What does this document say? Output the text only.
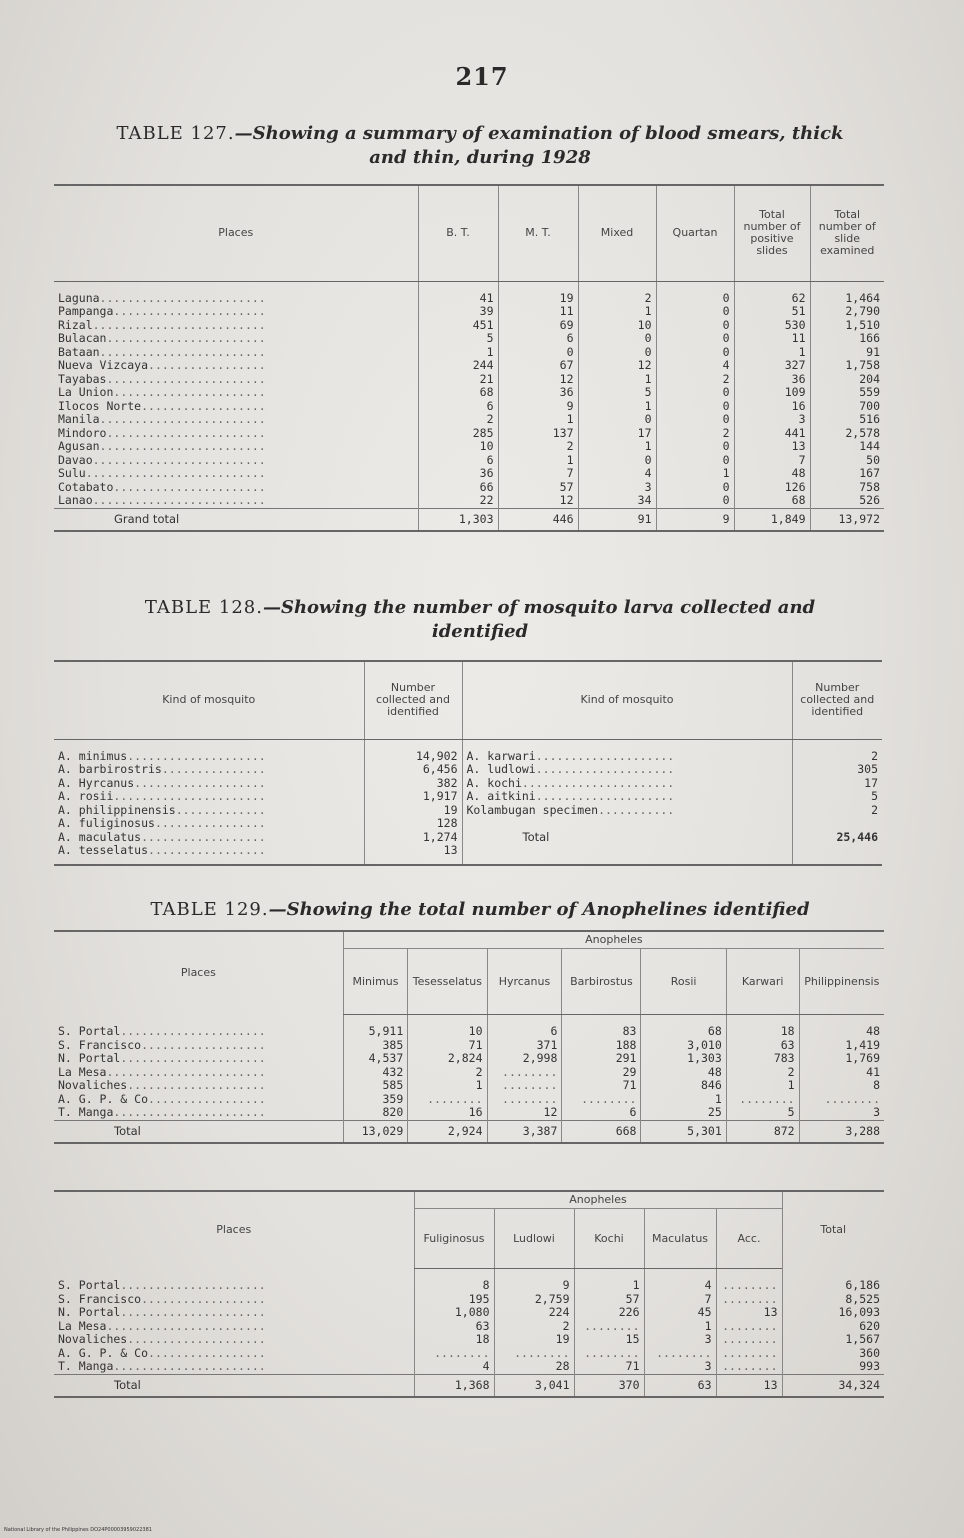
217
TABLE 127.—Showing a summary of examination of blood smears, thick
and thin, during 1928
Places	B. T.	M. T.	Mixed	Quartan	Total number of positive slides	Total number of slide examined

Laguna........................	41	19	2	0	62	1,464
Pampanga......................	39	11	1	0	51	2,790
Rizal.........................	451	69	10	0	530	1,510
Bulacan.......................	5	6	0	0	11	166
Bataan........................	1	0	0	0	1	91
Nueva Vizcaya.................	244	67	12	4	327	1,758
Tayabas.......................	21	12	1	2	36	204
La Union......................	68	36	5	0	109	559
Ilocos Norte..................	6	9	1	0	16	700
Manila........................	2	1	0	0	3	516
Mindoro.......................	285	137	17	2	441	2,578
Agusan........................	10	2	1	0	13	144
Davao.........................	6	1	0	0	7	50
Sulu..........................	36	7	4	1	48	167
Cotabato......................	66	57	3	0	126	758
Lanao.........................	22	12	34	0	68	526
Grand total	1,303	446	91	9	1,849	13,972
TABLE 128.—Showing the number of mosquito larva collected and
identified
Kind of mosquito	Number collected and identified	Kind of mosquito	Number collected and identified

A. minimus....................	14,902	A. karwari....................	2
A. barbirostris...............	6,456	A. ludlowi....................	305
A. Hyrcanus...................	382	A. kochi......................	17
A. rosii......................	1,917	A. aitkini....................	5
A. philippinensis.............	19	Kolambugan specimen...........	2
A. fuliginosus................	128		
A. maculatus..................	1,274	Total	25,446
A. tesselatus.................	13		
TABLE 129.—Showing the total number of Anophelines identified
Places	Anopheles						
	Minimus	Tesesselatus	Hyrcanus	Barbirostus	Rosii	Karwari	Philippinensis

S. Portal.....................	5,911	10	6	83	68	18	48
S. Francisco..................	385	71	371	188	3,010	63	1,419
N. Portal.....................	4,537	2,824	2,998	291	1,303	783	1,769
La Mesa.......................	432	2	........	29	48	2	41
Novaliches....................	585	1	........	71	846	1	8
A. G. P. & Co.................	359	........	........	........	1	........	........
T. Manga......................	820	16	12	6	25	5	3
Total	13,029	2,924	3,387	668	5,301	872	3,288
Places	Anopheles					Total
	Fuliginosus	Ludlowi	Kochi	Maculatus	Acc.	

S. Portal.....................	8	9	1	4	........	6,186
S. Francisco..................	195	2,759	57	7	........	8,525
N. Portal.....................	1,080	224	226	45	13	16,093
La Mesa.......................	63	2	........	1	........	620
Novaliches....................	18	19	15	3	........	1,567
A. G. P. & Co.................	........	........	........	........	........	360
T. Manga......................	4	28	71	3	........	993
Total	1,368	3,041	370	63	13	34,324
National Library of the Philippines DO24P00003959022381
